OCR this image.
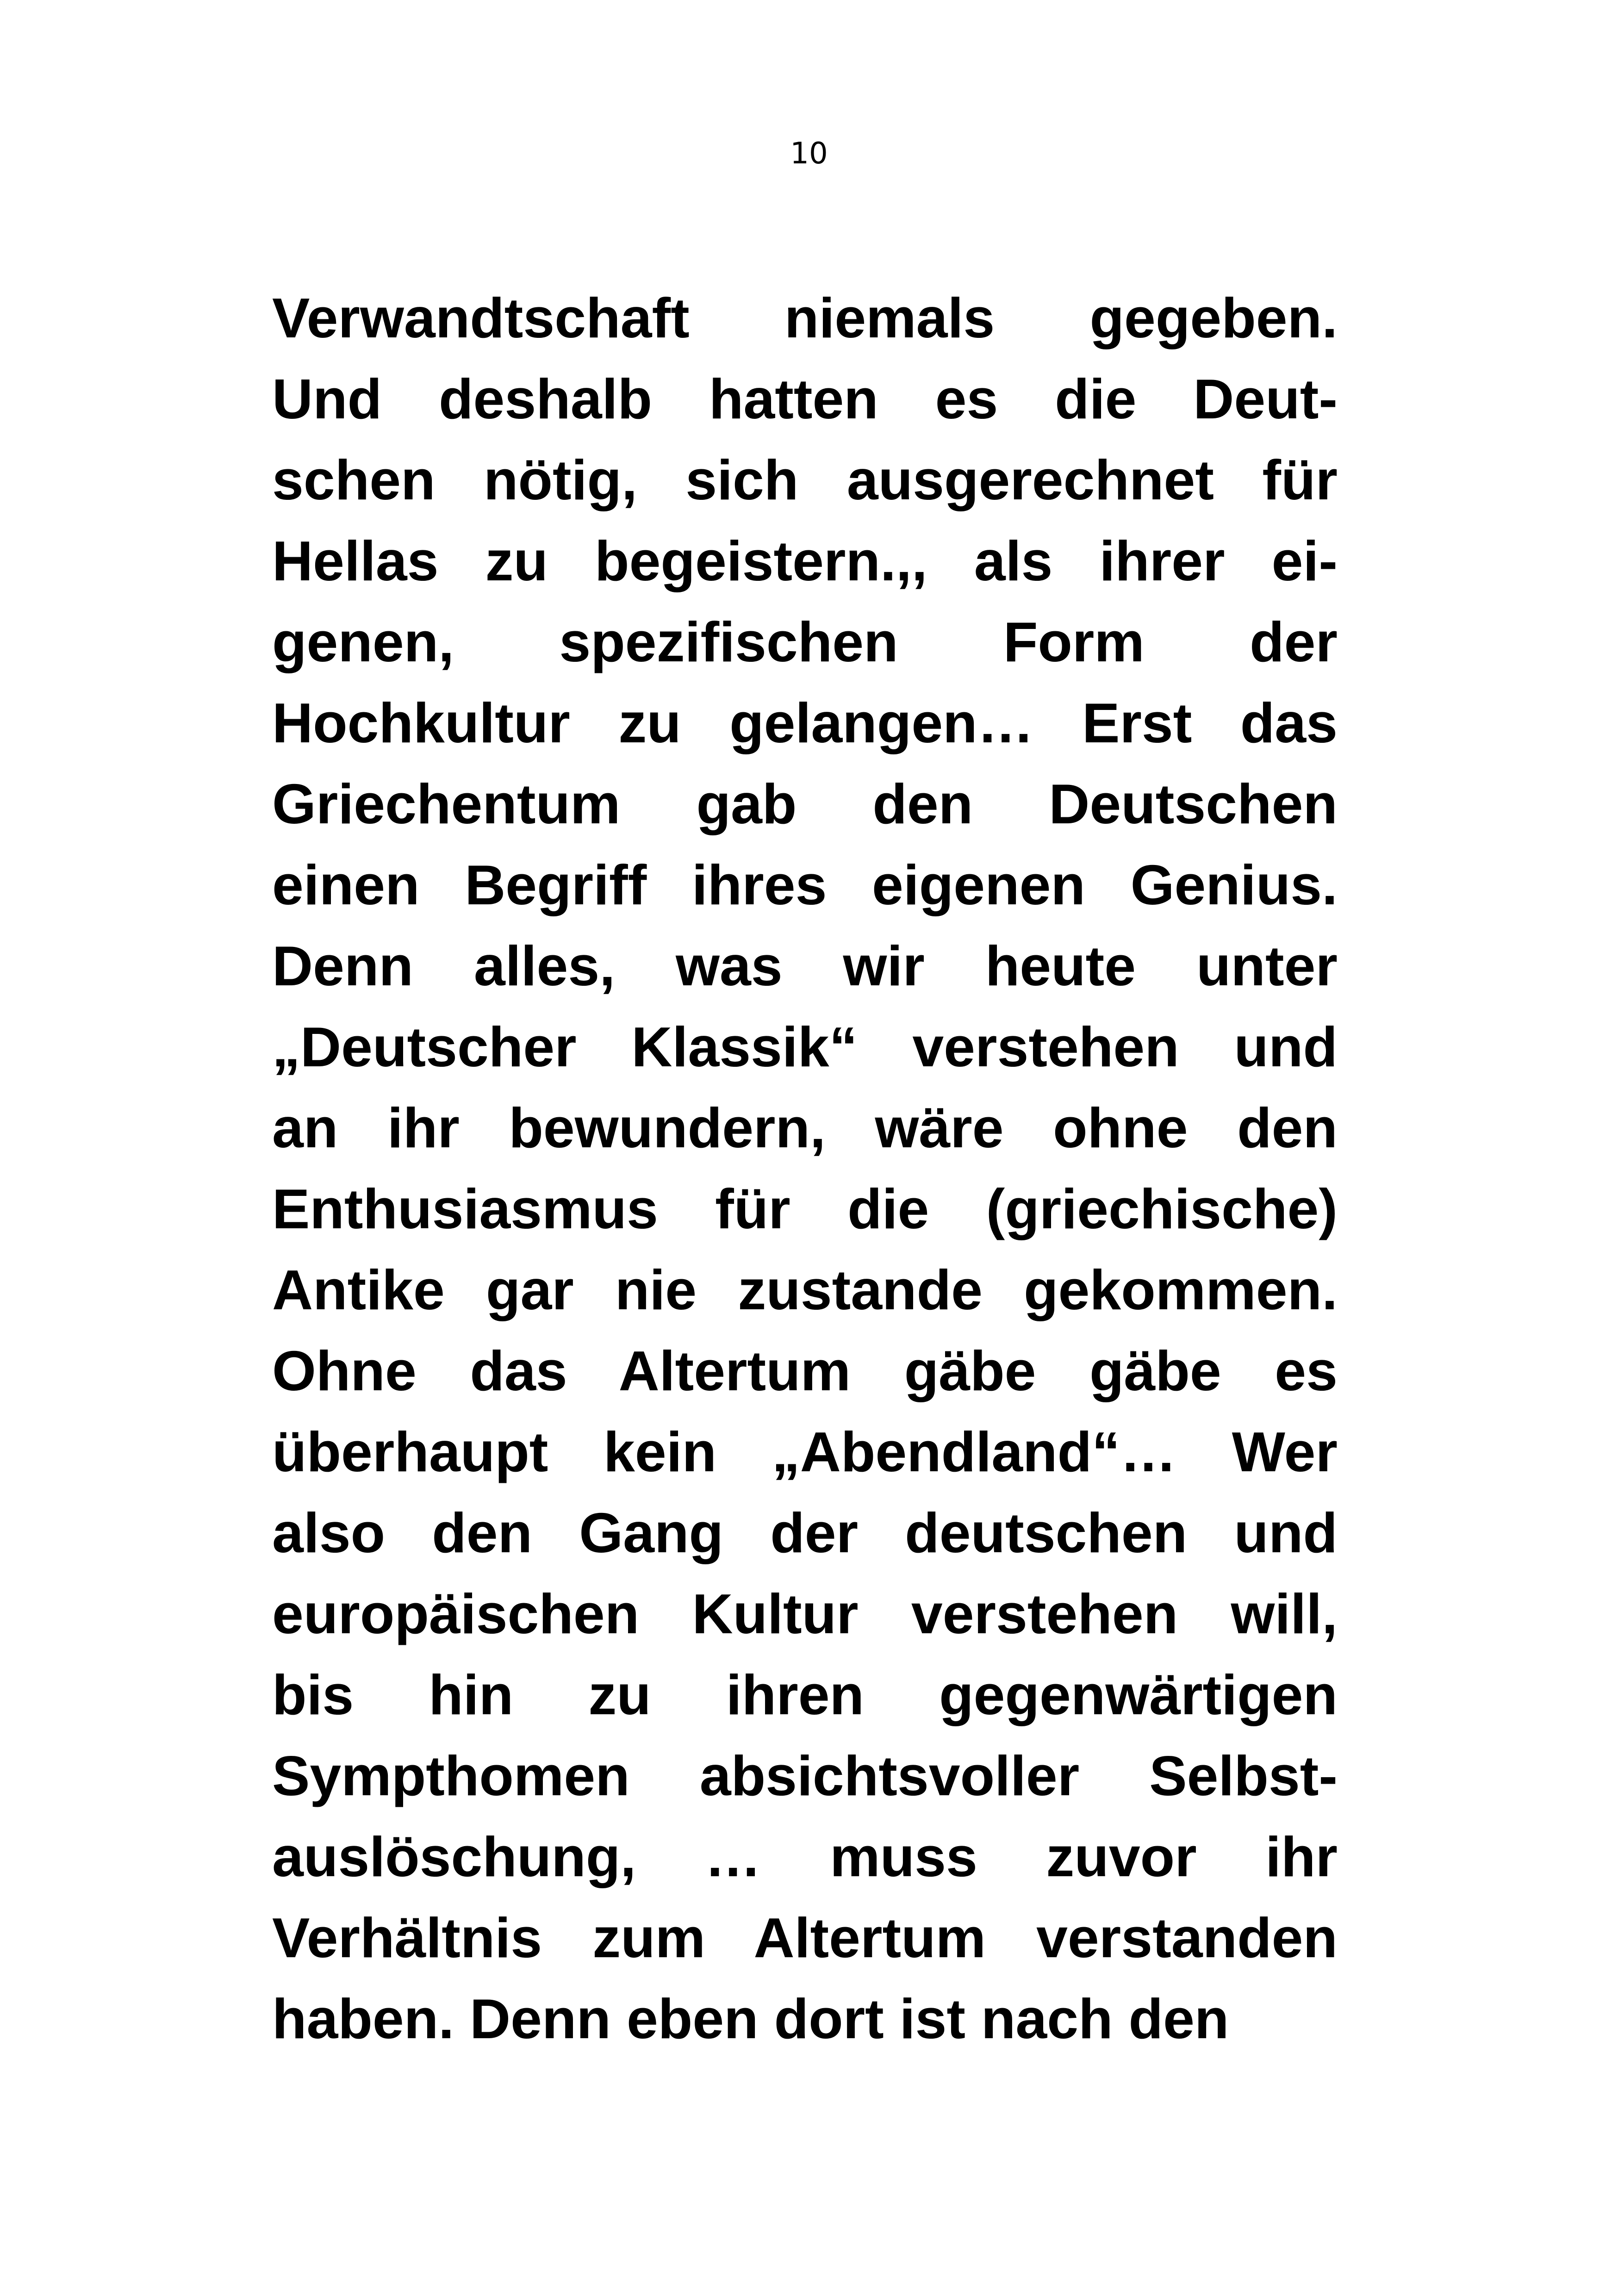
10
Verwandtschaft niemals gegeben.
Und deshalb hatten es die Deut-
schen nötig, sich ausgerechnet für
Hellas zu begeistern.,, als ihrer ei-
genen, spezifischen Form der
Hochkultur zu gelangen… Erst das
Griechentum gab den Deutschen
einen Begriff ihres eigenen Genius.
Denn alles, was wir heute unter
„Deutscher Klassik“ verstehen und
an ihr bewundern, wäre ohne den
Enthusiasmus für die (griechische)
Antike gar nie zustande gekommen.
Ohne das Altertum gäbe gäbe es
überhaupt kein „Abendland“… Wer
also den Gang der deutschen und
europäischen Kultur verstehen will,
bis hin zu ihren gegenwärtigen
Sympthomen absichtsvoller Selbst-
auslöschung, … muss zuvor ihr
Verhältnis zum Altertum verstanden
haben. Denn eben dort ist nach den
